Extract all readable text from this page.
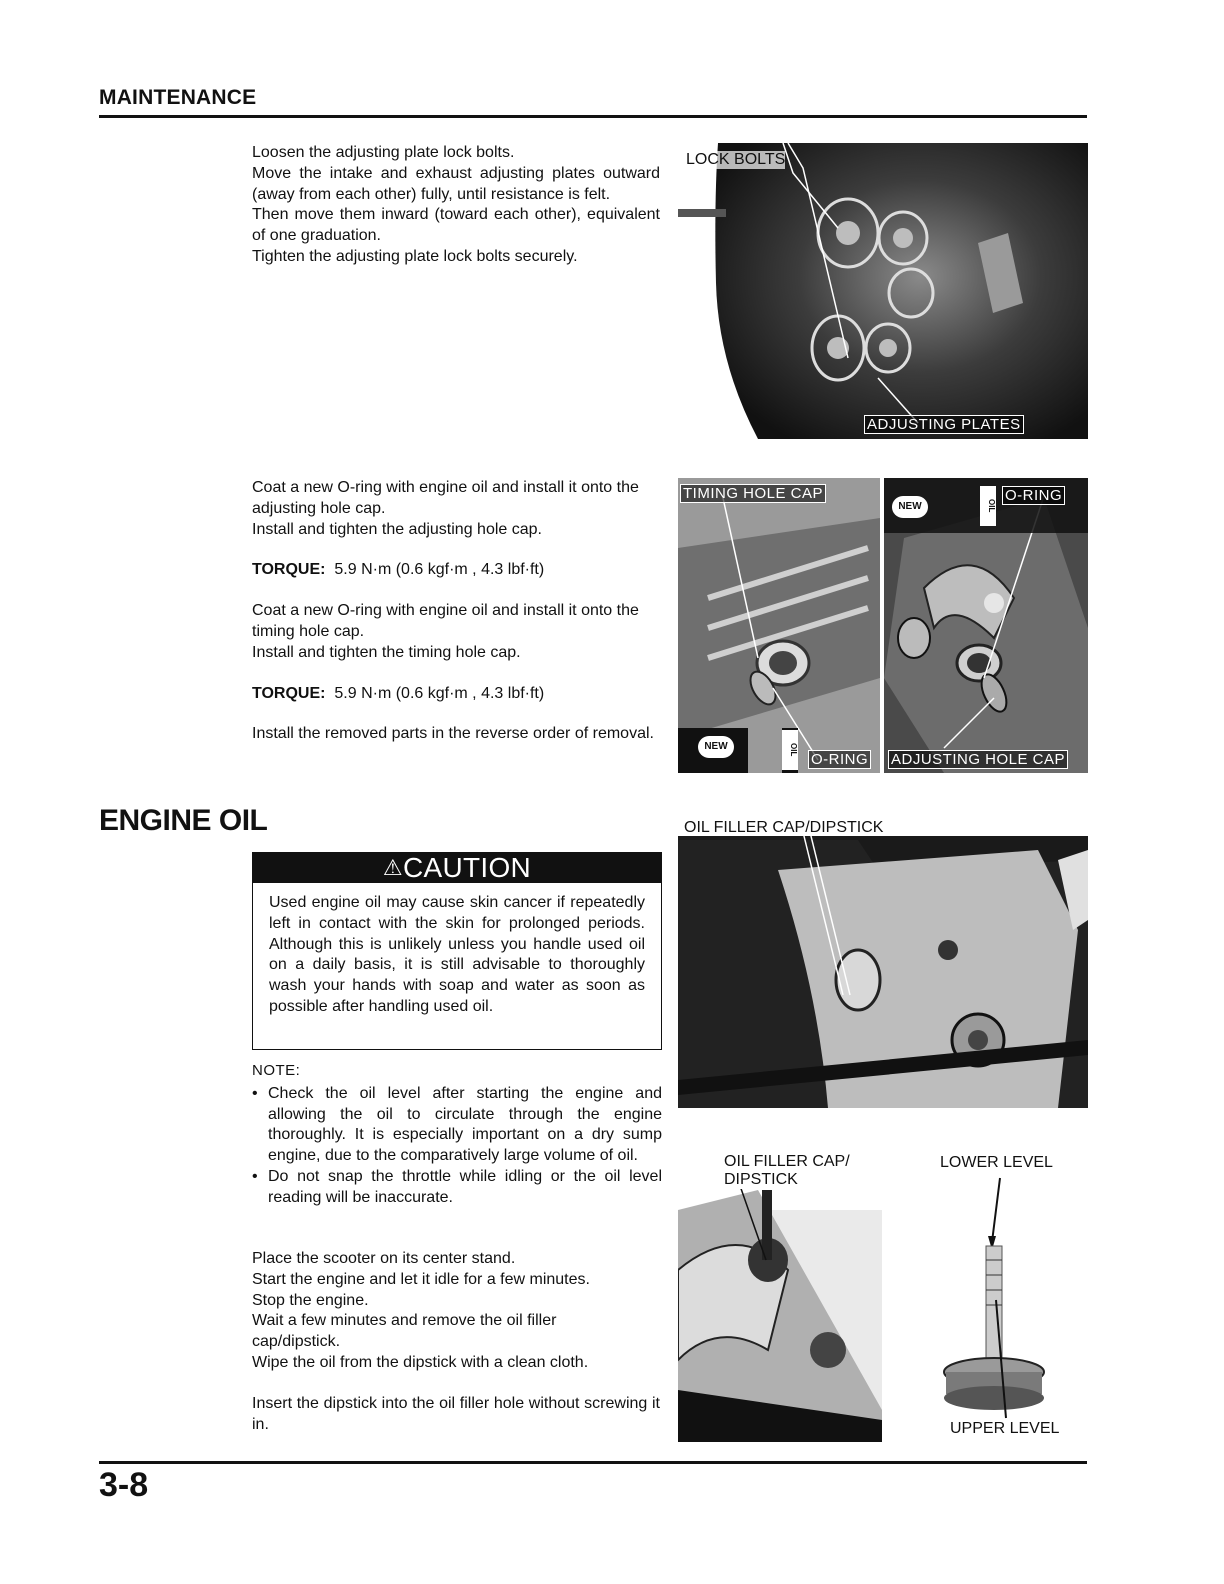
MAINTENANCE

Loosen the adjusting plate lock bolts.

Move the intake and exhaust adjusting plates outward (away from each other) fully, until resistance is felt.

Then move them inward (toward each other), equivalent of one graduation.

Tighten the adjusting plate lock bolts securely.

LOCK BOLTS
ADJUSTING PLATES

Coat a new O-ring with engine oil and install it onto the adjusting hole cap.

Install and tighten the adjusting hole cap.

TORQUE: 5.9 N·m (0.6 kgf·m , 4.3 lbf·ft)

Coat a new O-ring with engine oil and install it onto the timing hole cap.

Install and tighten the timing hole cap.

TORQUE: 5.9 N·m (0.6 kgf·m , 4.3 lbf·ft)

Install the removed parts in the reverse order of removal.

TIMING HOLE CAP
NEW	OIL
O-RING
NEW	OIL
O-RING
ADJUSTING HOLE CAP
ENGINE OIL
⚠CAUTION
Used engine oil may cause skin cancer if repeatedly left in contact with the skin for prolonged periods. Although this is unlikely unless you handle used oil on a daily basis, it is still advisable to thoroughly wash your hands with soap and water as soon as possible after handling used oil.
NOTE:
• Check the oil level after starting the engine and allowing the oil to circulate through the engine thoroughly. It is especially important on a dry sump engine, due to the comparatively large volume of oil.
• Do not snap the throttle while idling or the oil level reading will be inaccurate.

Place the scooter on its center stand.

Start the engine and let it idle for a few minutes.

Stop the engine.

Wait a few minutes and remove the oil filler cap/dipstick.

Wipe the oil from the dipstick with a clean cloth.

Insert the dipstick into the oil filler hole without screwing it in.

OIL FILLER CAP/DIPSTICK
OIL FILLER CAP/
DIPSTICK
LOWER LEVEL
UPPER LEVEL
3-8
